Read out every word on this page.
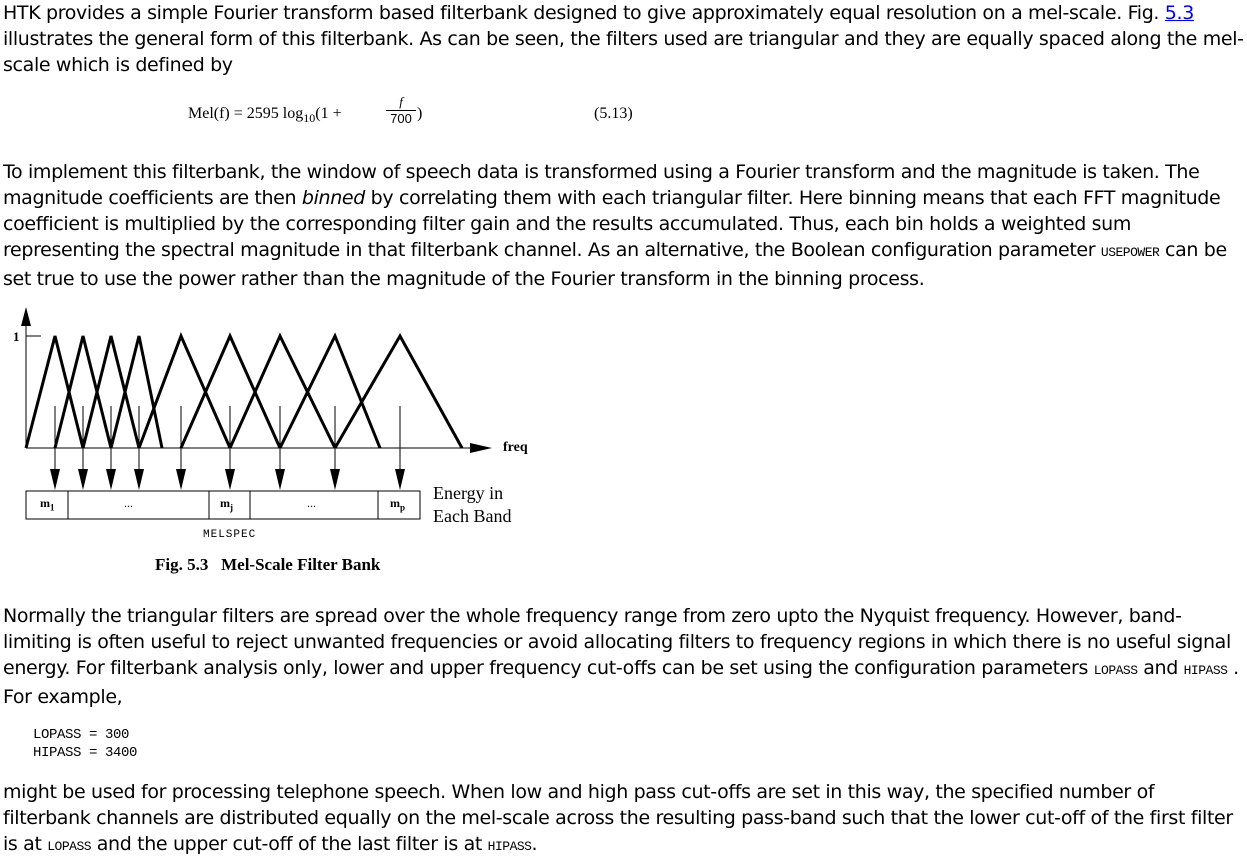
HTK provides a simple Fourier transform based filterbank designed to give approximately equal resolution on a mel-scale. Fig. 5.3 illustrates the general form of this filterbank. As can be seen, the filters used are triangular and they are equally spaced along the mel-scale which is defined by

Mel(f) = 2595 $\log_{10}(1$ +	$\frac{f}{700}$ )	(5.13)

To implement this filterbank, the window of speech data is transformed using a Fourier transform and the magnitude is taken. The magnitude coefficients are then binned by correlating them with each triangular filter. Here binning means that each FFT magnitude coefficient is multiplied by the corresponding filter gain and the results accumulated. Thus, each bin holds a weighted sum representing the spectral magnitude in that filterbank channel. As an alternative, the Boolean configuration parameter USEPOWER can be set true to use the power rather than the magnitude of the Fourier transform in the binning process.

1
freq
$m_1$	...	$m_j$	...	$m_p$
Energy in
Each Band
MELSPEC
Fig. 5.3 Mel-Scale Filter Bank

Normally the triangular filters are spread over the whole frequency range from zero upto the Nyquist frequency. However, band-limiting is often useful to reject unwanted frequencies or avoid allocating filters to frequency regions in which there is no useful signal energy. For filterbank analysis only, lower and upper frequency cut-offs can be set using the configuration parameters LOPASS and HIPASS . For example,

LOPASS = 300
HIPASS = 3400

might be used for processing telephone speech. When low and high pass cut-offs are set in this way, the specified number of filterbank channels are distributed equally on the mel-scale across the resulting pass-band such that the lower cut-off of the first filter is at LOPASS and the upper cut-off of the last filter is at HIPASS.
